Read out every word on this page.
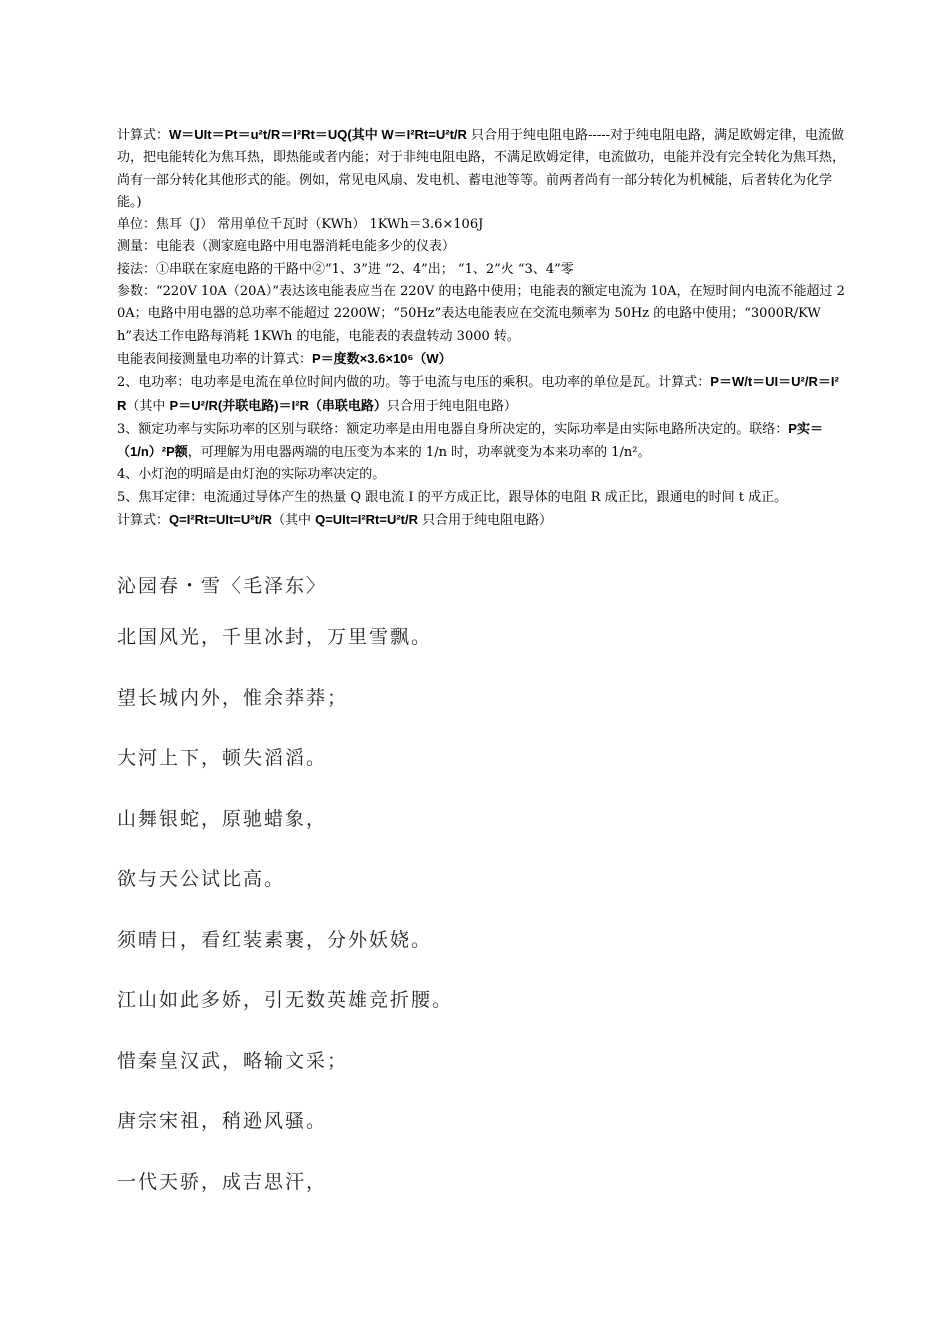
计算式：W＝UIt＝Pt＝u²t/R＝I²Rt＝UQ(其中 W＝I²Rt=U²t/R 只合用于纯电阻电路-----对于纯电阻电路，满足欧姆定律，电流做功，把电能转化为焦耳热，即热能或者内能；对于非纯电阻电路，不满足欧姆定律，电流做功，电能并没有完全转化为焦耳热，尚有一部分转化其他形式的能。例如，常见电风扇、发电机、蓄电池等等。前两者尚有一部分转化为机械能，后者转化为化学能。)

单位：焦耳（J） 常用单位千瓦时（KWh） 1KWh＝3.6×106J

测量：电能表（测家庭电路中用电器消耗电能多少的仪表）

接法：①串联在家庭电路的干路中②“1、3”进 “2、4”出； “1、2”火 “3、4”零

参数：“220V 10A（20A）”表达该电能表应当在 220V 的电路中使用；电能表的额定电流为 10A，在短时间内电流不能超过 20A；电路中用电器的总功率不能超过 2200W；“50Hz”表达电能表应在交流电频率为 50Hz 的电路中使用；“3000R/KWh”表达工作电路每消耗 1KWh 的电能，电能表的表盘转动 3000 转。

电能表间接测量电功率的计算式：P＝度数×3.6×10⁶（W）

2、电功率：电功率是电流在单位时间内做的功。等于电流与电压的乘积。电功率的单位是瓦。计算式：P＝W/t＝UI＝U²/R＝I²R（其中 P＝U²/R(并联电路)＝I²R（串联电路）只合用于纯电阻电路）

3、额定功率与实际功率的区别与联络：额定功率是由用电器自身所决定的，实际功率是由实际电路所决定的。联络：P实＝（1/n）²P额，可理解为用电器两端的电压变为本来的 1/n 时，功率就变为本来功率的 1/n²。

4、小灯泡的明暗是由灯泡的实际功率决定的。

5、焦耳定律：电流通过导体产生的热量 Q 跟电流 I 的平方成正比，跟导体的电阻 R 成正比，跟通电的时间 t 成正。

计算式：Q=I²Rt=UIt=U²t/R（其中 Q=UIt=I²Rt=U²t/R 只合用于纯电阻电路）

沁园春・雪〈毛泽东〉
北国风光，千里冰封，万里雪飘。
望长城内外，惟余莽莽；
大河上下，顿失滔滔。
山舞银蛇，原驰蜡象，
欲与天公试比高。
须晴日，看红装素裹，分外妖娆。
江山如此多娇，引无数英雄竞折腰。
惜秦皇汉武，略输文采；
唐宗宋祖，稍逊风骚。
一代天骄，成吉思汗，
